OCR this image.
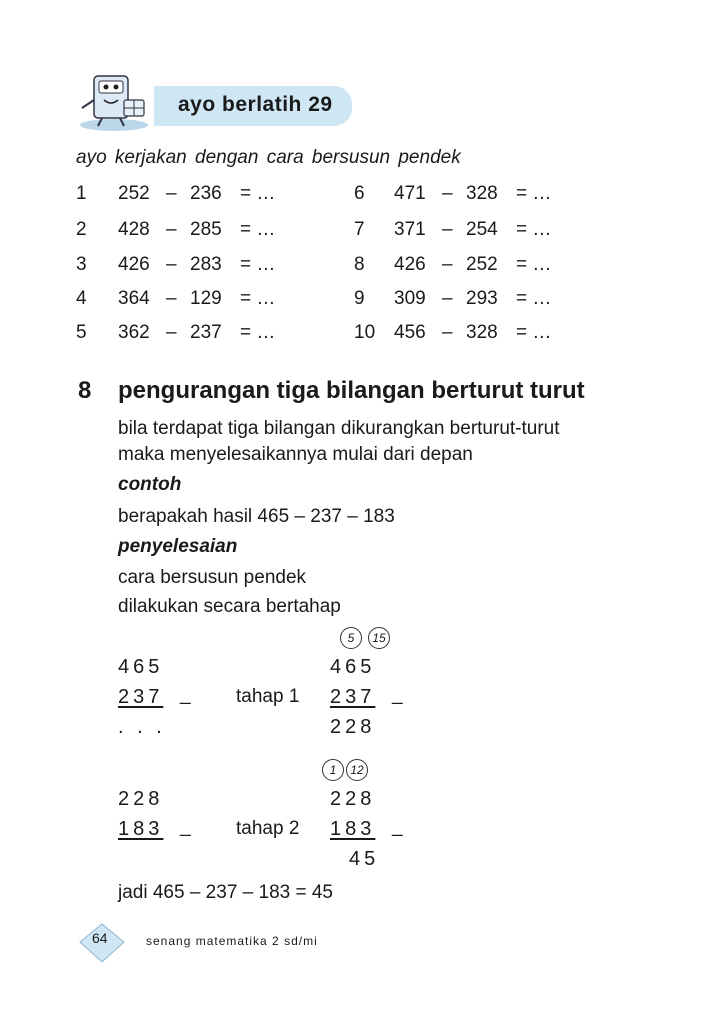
ayo berlatih 29
ayo kerjakan dengan cara bersusun pendek
1 252 – 236 = …
2 428 – 285 = …
3 426 – 283 = …
4 364 – 129 = …
5 362 – 237 = …
6 471 – 328 = …
7 371 – 254 = …
8 426 – 252 = …
9 309 – 293 = …
10 456 – 328 = …
8 pengurangan tiga bilangan berturut turut
bila terdapat tiga bilangan dikurangkan berturut-turut
maka menyelesaikannya mulai dari depan
contoh
berapakah hasil 465 – 237 – 183
penyelesaian
cara bersusun pendek
dilakukan secara bertahap
5	15
465
237 _
. . .
tahap 1
465
237 _
228
1	12
228
183 _ tahap 2
228
183 _
45
jadi 465 – 237 – 183 = 45
64	senang matematika 2 sd/mi
